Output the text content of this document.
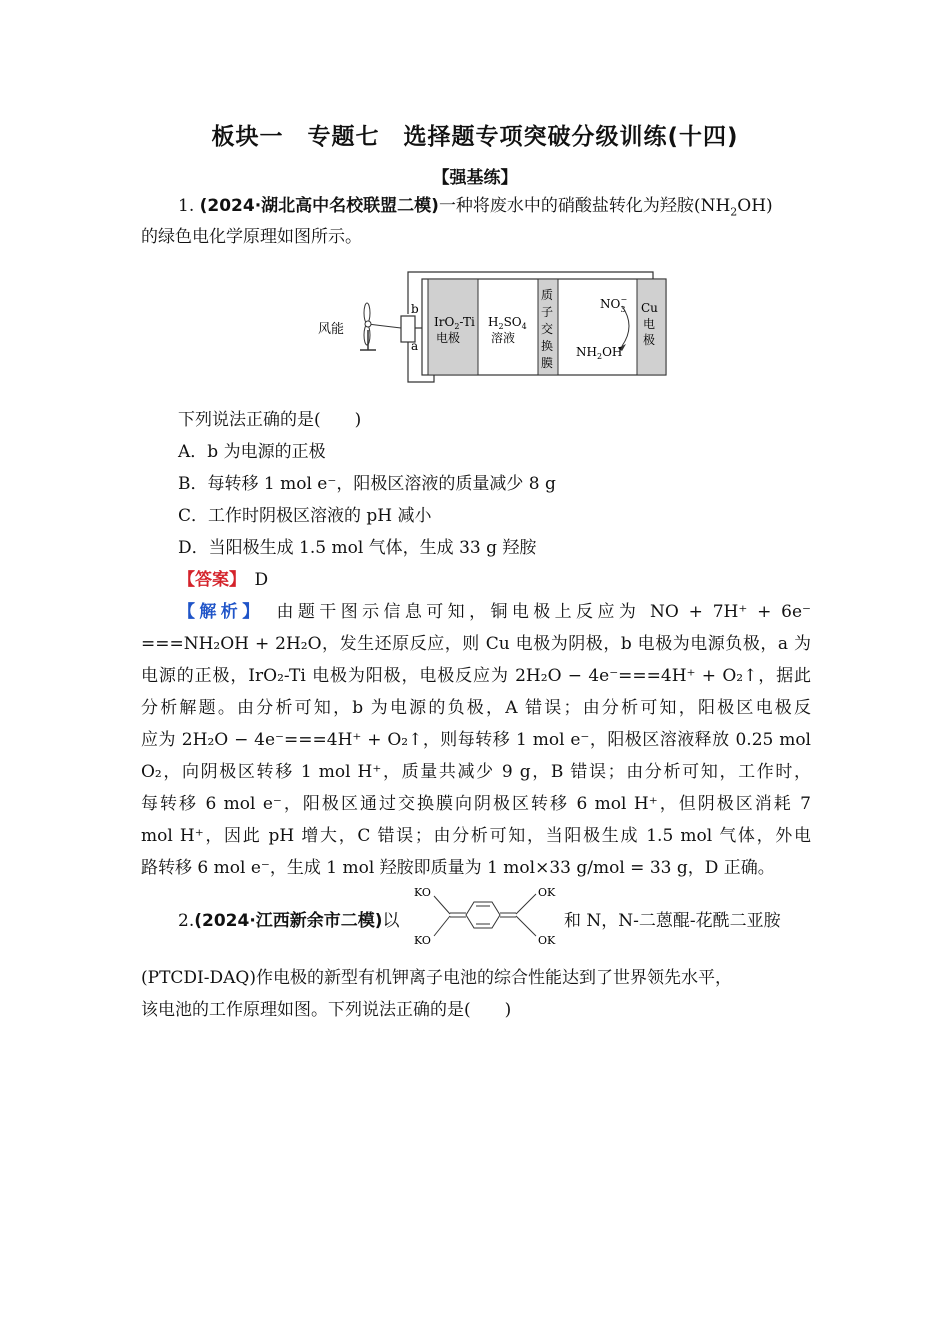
板块一　专题七　选择题专项突破分级训练(十四)
【强基练】
1. (2024·湖北高中名校联盟二模)一种将废水中的硝酸盐转化为羟胺$(NH_2OH)$
的绿色电化学原理如图所示。
风能
b
a
IrO$_2$-Ti
电极
$H_2SO_4$
溶液
质
子
交
换
膜
$NO_3-$
$NH_2OH$
Cu
电
极
下列说法正确的是(　　)
A．b 为电源的正极
B．每转移 1 mol e⁻，阳极区溶液的质量减少 8 g
C．工作时阴极区溶液的 pH 减小
D．当阳极生成 1.5 mol 气体，生成 33 g 羟胺
【答案】　 D
【解析】　 由题干图示信息可知，铜电极上反应为 NO + 7H⁺ + 6e⁻
===NH₂OH + 2H₂O，发生还原反应，则 Cu 电极为阴极，b 电极为电源负极，a 为
电源的正极，IrO₂-Ti 电极为阳极，电极反应为 2H₂O − 4e⁻===4H⁺ + O₂↑，据此
分析解题。由分析可知，b 为电源的负极，A 错误；由分析可知，阳极区电极反
应为 2H₂O − 4e⁻===4H⁺ + O₂↑，则每转移 1 mol e⁻，阳极区溶液释放 0.25 mol
O₂，向阴极区转移 1 mol H⁺，质量共减少 9 g，B 错误；由分析可知，工作时，
每转移 6 mol e⁻，阳极区通过交换膜向阴极区转移 6 mol H⁺，但阴极区消耗 7
mol H⁺，因此 pH 增大，C 错误；由分析可知，当阳极生成 1.5 mol 气体，外电
路转移 6 mol e⁻，生成 1 mol 羟胺即质量为 1 mol×33 g/mol = 33 g，D 正确。
2.(2024·江西新余市二模)以
KO
KO
OK
OK
和 N，N-二蒽醌-花酰二亚胺
(PTCDI-DAQ)作电极的新型有机钾离子电池的综合性能达到了世界领先水平，
该电池的工作原理如图。下列说法正确的是(　　)
